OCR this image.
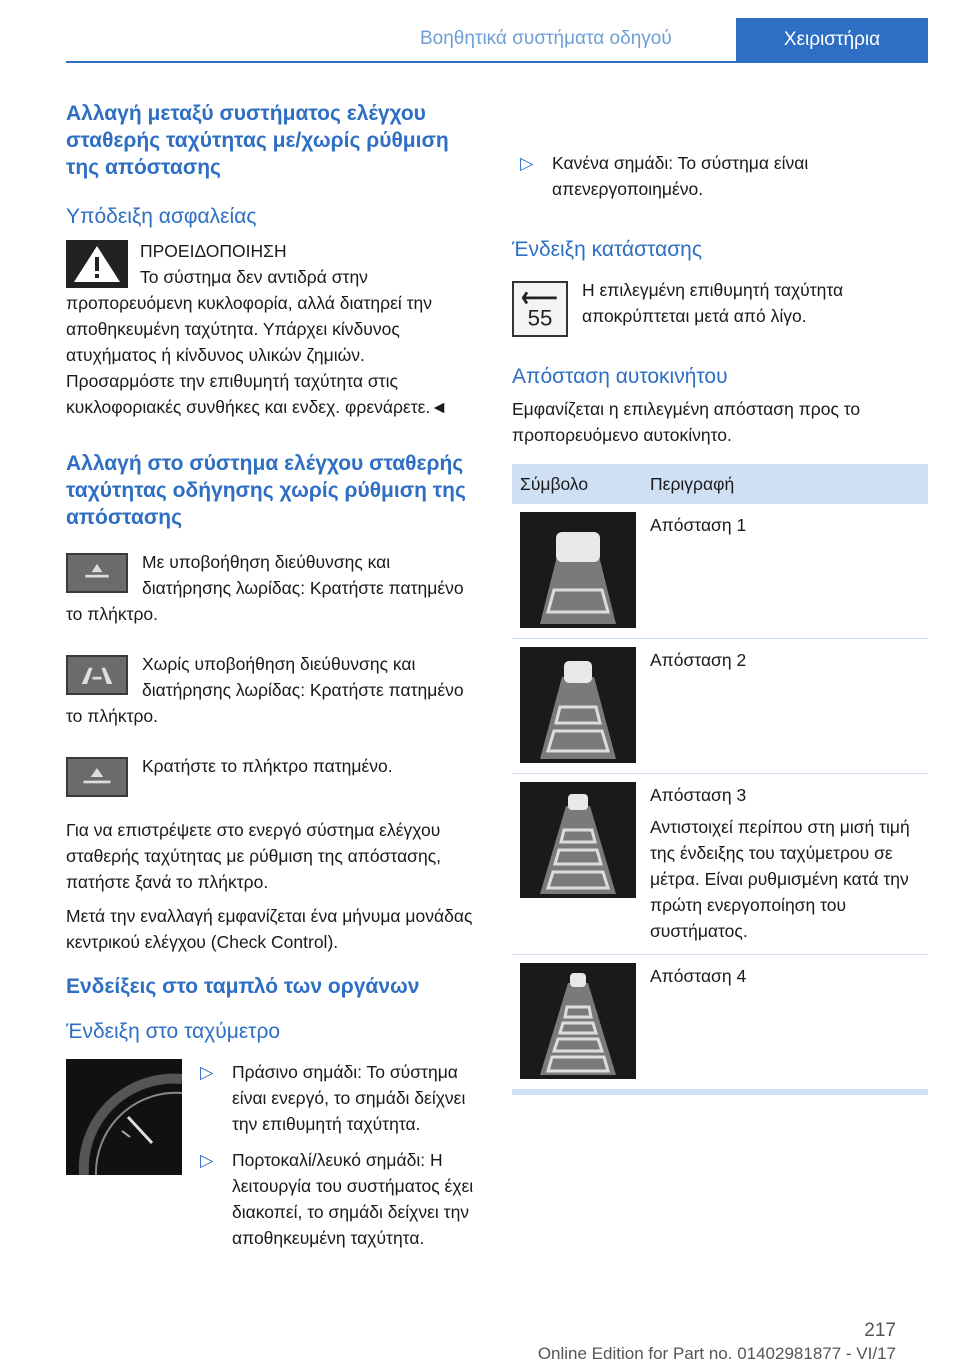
Βοηθητικά συστήματα οδηγού	Χειριστήρια
Αλλαγή μεταξύ συστήματος ελέγχου σταθερής ταχύτητας με/χωρίς ρύθμιση της απόστασης
Υπόδειξη ασφαλείας

ΠΡΟΕΙΔΟΠΟΙΗΣΗ

Το σύστημα δεν αντιδρά στην προπορευόμενη κυκλοφορία, αλλά διατηρεί την αποθηκευμένη ταχύτητα. Υπάρχει κίνδυνος ατυχήματος ή κίνδυνος υλικών ζημιών.

Προσαρμόστε την επιθυμητή ταχύτητα στις κυκλοφοριακές συνθήκες και ενδεχ. φρενάρετε.◄

Αλλαγή στο σύστημα ελέγχου σταθερής ταχύτητας οδήγησης χωρίς ρύθμιση της απόστασης

Με υποβοήθηση διεύθυνσης και διατήρησης λωρίδας: Κρατήστε πατημένο το πλήκτρο.

Χωρίς υποβοήθηση διεύθυνσης και διατήρησης λωρίδας: Κρατήστε πατημένο το πλήκτρο.

Κρατήστε το πλήκτρο πατημένο.

Για να επιστρέψετε στο ενεργό σύστημα ελέγχου σταθερής ταχύτητας με ρύθμιση της απόστασης, πατήστε ξανά το πλήκτρο.

Μετά την εναλλαγή εμφανίζεται ένα μήνυμα μονάδας κεντρικού ελέγχου (Check Control).

Ενδείξεις στο ταμπλό των οργάνων
Ένδειξη στο ταχύμετρο
▷ Πράσινο σημάδι: Το σύστημα είναι ενεργό, το σημάδι δείχνει την επιθυμητή ταχύτητα.
▷ Πορτοκαλί/λευκό σημάδι: Η λειτουργία του συστήματος έχει διακοπεί, το σημάδι δείχνει την αποθηκευμένη ταχύτητα.
▷ Κανένα σημάδι: Το σύστημα είναι απενεργοποιημένο.
Ένδειξη κατάστασης
55

Η επιλεγμένη επιθυμητή ταχύτητα αποκρύπτεται μετά από λίγο.

Απόσταση αυτοκινήτου

Εμφανίζεται η επιλεγμένη απόσταση προς το προπορευόμενο αυτοκίνητο.

Σύμβολο	Περιγραφή

	Απόσταση 1

	Απόσταση 2

Απόσταση 3
Αντιστοιχεί περίπου στη μισή τιμή της ένδειξης του ταχύμετρου σε μέτρα. Είναι ρυθμισμένη κατά την πρώτη ενεργοποίηση του συστήματος.

	Απόσταση 4
217
Online Edition for Part no. 01402981877 - VI/17
